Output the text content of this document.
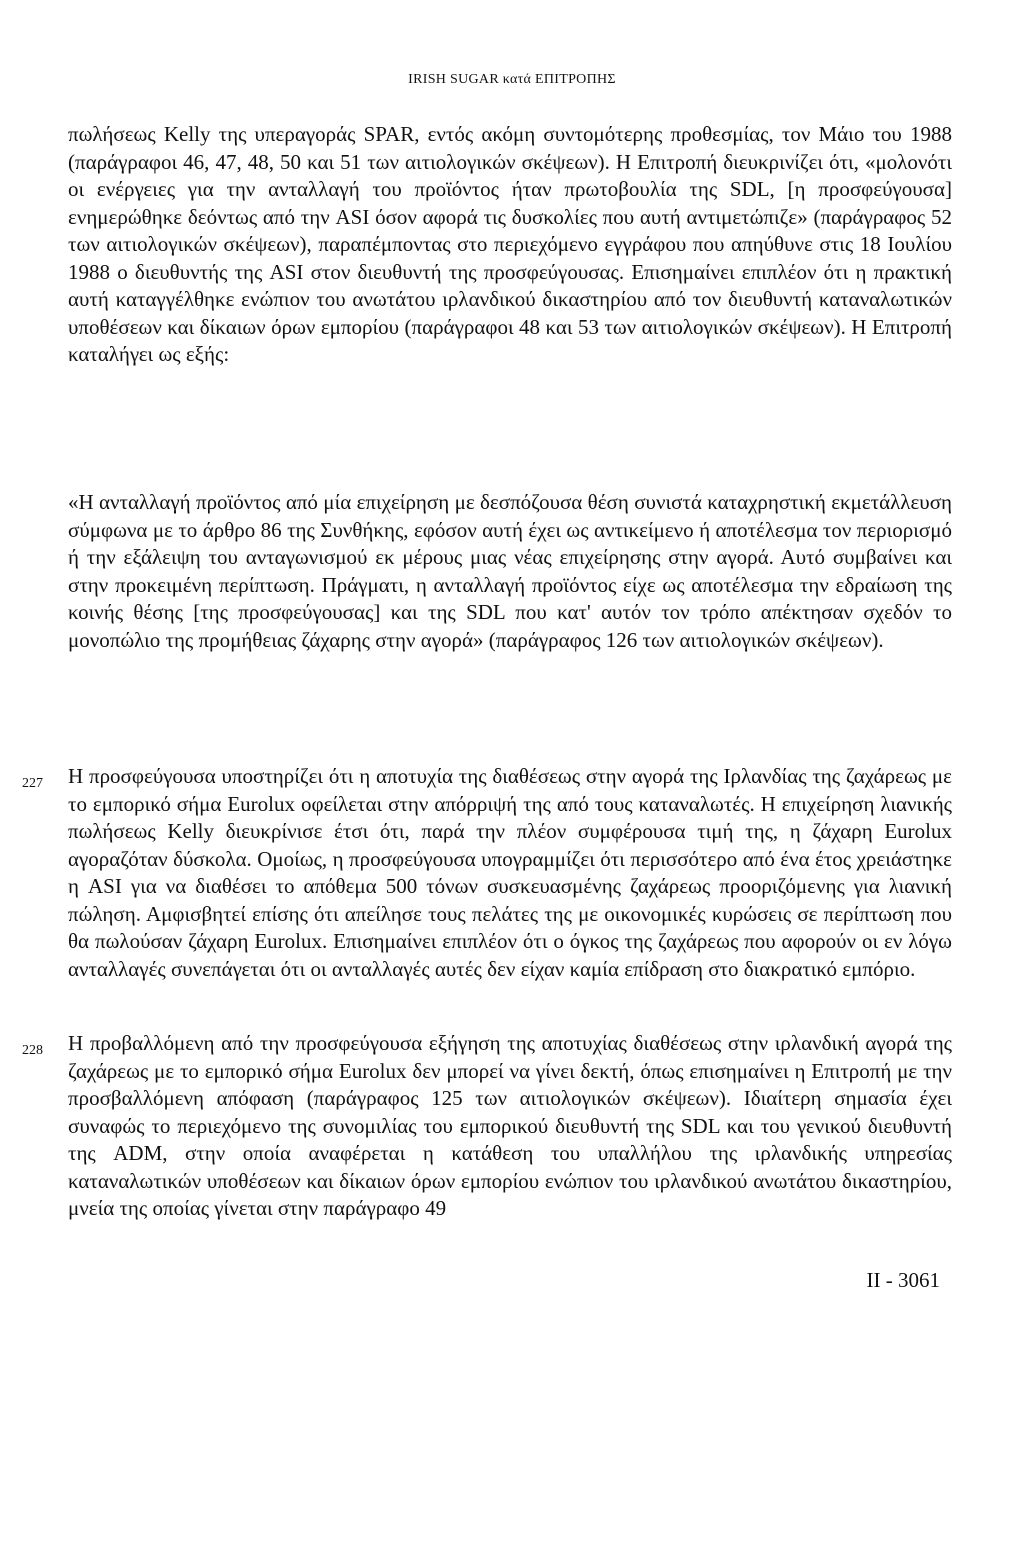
IRISH SUGAR κατά ΕΠΙΤΡΟΠΗΣ

πωλήσεως Kelly της υπεραγοράς SPAR, εντός ακόμη συντομότερης προθεσμίας, τον Μάιο του 1988 (παράγραφοι 46, 47, 48, 50 και 51 των αιτιολογικών σκέψεων). Η Επιτροπή διευκρινίζει ότι, «μολονότι οι ενέργειες για την ανταλλαγή του προϊόντος ήταν πρωτοβουλία της SDL, [η προσφεύγουσα] ενημερώθηκε δεόντως από την ASI όσον αφορά τις δυσκολίες που αυτή αντιμετώπιζε» (παράγραφος 52 των αιτιολογικών σκέψεων), παραπέμποντας στο περιεχόμενο εγγράφου που απηύθυνε στις 18 Ιουλίου 1988 ο διευθυντής της ASI στον διευθυντή της προσφεύγουσας. Επισημαίνει επιπλέον ότι η πρακτική αυτή καταγγέλθηκε ενώπιον του ανωτάτου ιρλανδικού δικαστηρίου από τον διευθυντή καταναλωτικών υποθέσεων και δίκαιων όρων εμπορίου (παράγραφοι 48 και 53 των αιτιολογικών σκέψεων). Η Επιτροπή καταλήγει ως εξής:

«Η ανταλλαγή προϊόντος από μία επιχείρηση με δεσπόζουσα θέση συνιστά καταχρηστική εκμετάλλευση σύμφωνα με το άρθρο 86 της Συνθήκης, εφόσον αυτή έχει ως αντικείμενο ή αποτέλεσμα τον περιορισμό ή την εξάλειψη του ανταγωνισμού εκ μέρους μιας νέας επιχείρησης στην αγορά. Αυτό συμβαίνει και στην προκειμένη περίπτωση. Πράγματι, η ανταλλαγή προϊόντος είχε ως αποτέλεσμα την εδραίωση της κοινής θέσης [της προσφεύγουσας] και της SDL που κατ' αυτόν τον τρόπο απέκτησαν σχεδόν το μονοπώλιο της προμήθειας ζάχαρης στην αγορά» (παράγραφος 126 των αιτιολογικών σκέψεων).

227 Η προσφεύγουσα υποστηρίζει ότι η αποτυχία της διαθέσεως στην αγορά της Ιρλανδίας της ζαχάρεως με το εμπορικό σήμα Eurolux οφείλεται στην απόρριψή της από τους καταναλωτές. Η επιχείρηση λιανικής πωλήσεως Kelly διευκρίνισε έτσι ότι, παρά την πλέον συμφέρουσα τιμή της, η ζάχαρη Eurolux αγοραζόταν δύσκολα. Ομοίως, η προσφεύγουσα υπογραμμίζει ότι περισσότερο από ένα έτος χρειάστηκε η ASI για να διαθέσει το απόθεμα 500 τόνων συσκευασμένης ζαχάρεως προοριζόμενης για λιανική πώληση. Αμφισβητεί επίσης ότι απείλησε τους πελάτες της με οικονομικές κυρώσεις σε περίπτωση που θα πωλούσαν ζάχαρη Eurolux. Επισημαίνει επιπλέον ότι ο όγκος της ζαχάρεως που αφορούν οι εν λόγω ανταλλαγές συνεπάγεται ότι οι ανταλλαγές αυτές δεν είχαν καμία επίδραση στο διακρατικό εμπόριο.

228 Η προβαλλόμενη από την προσφεύγουσα εξήγηση της αποτυχίας διαθέσεως στην ιρλανδική αγορά της ζαχάρεως με το εμπορικό σήμα Eurolux δεν μπορεί να γίνει δεκτή, όπως επισημαίνει η Επιτροπή με την προσβαλλόμενη απόφαση (παράγραφος 125 των αιτιολογικών σκέψεων). Ιδιαίτερη σημασία έχει συναφώς το περιεχόμενο της συνομιλίας του εμπορικού διευθυντή της SDL και του γενικού διευθυντή της ADM, στην οποία αναφέρεται η κατάθεση του υπαλλήλου της ιρλανδικής υπηρεσίας καταναλωτικών υποθέσεων και δίκαιων όρων εμπορίου ενώπιον του ιρλανδικού ανωτάτου δικαστηρίου, μνεία της οποίας γίνεται στην παράγραφο 49

II - 3061
